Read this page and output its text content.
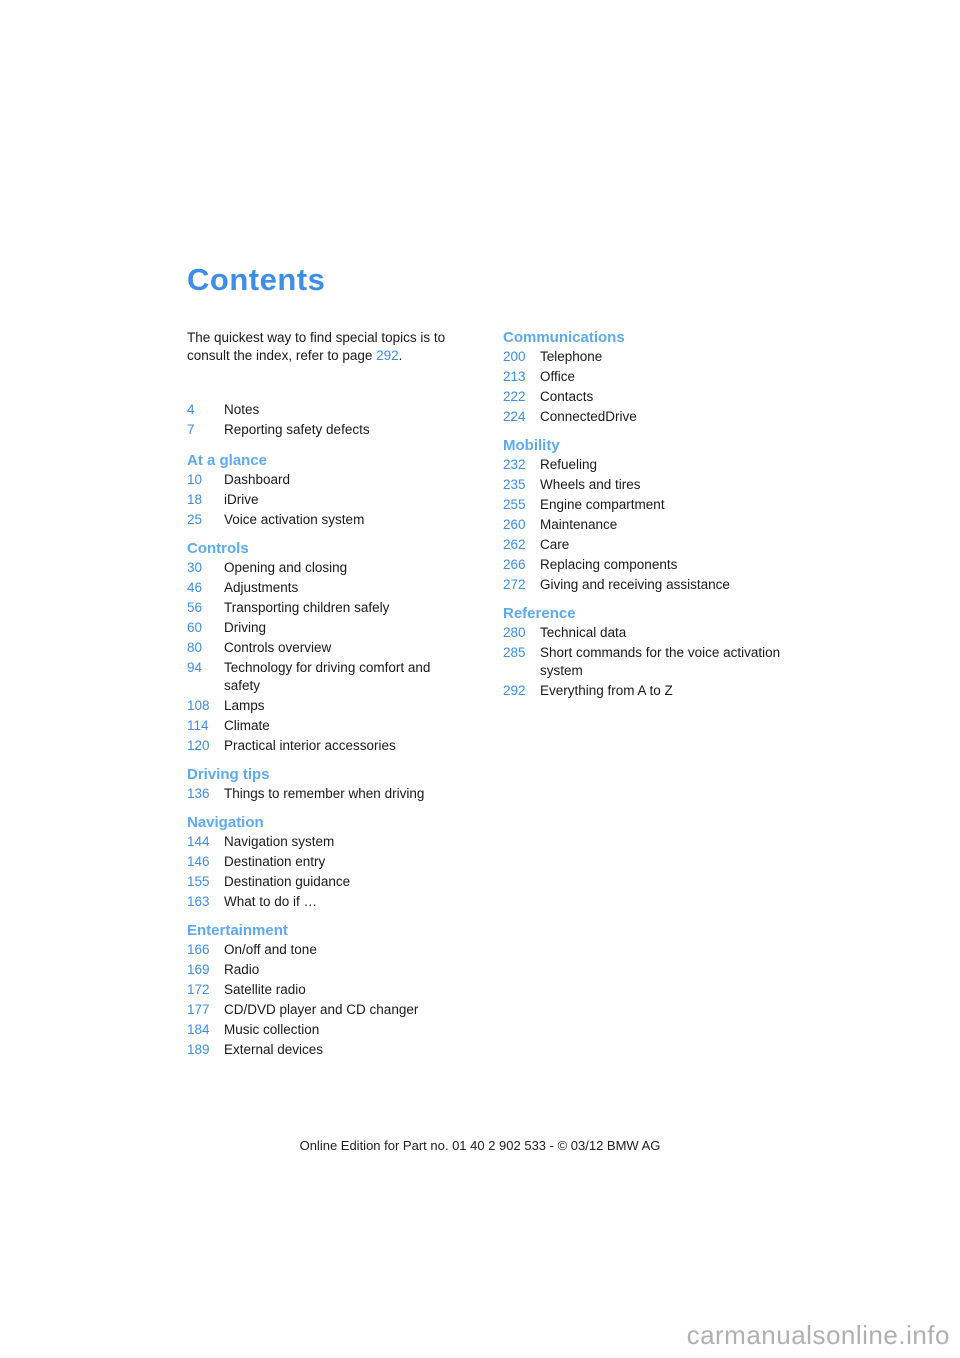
Contents
The quickest way to find special topics is to consult the index, refer to page 292.
4	Notes
7	Reporting safety defects
At a glance
10	Dashboard
18	iDrive
25	Voice activation system
Controls
30	Opening and closing
46	Adjustments
56	Transporting children safely
60	Driving
80	Controls overview
94	Technology for driving comfort and safety
108	Lamps
114	Climate
120	Practical interior accessories
Driving tips
136	Things to remember when driving
Navigation
144	Navigation system
146	Destination entry
155	Destination guidance
163	What to do if …
Entertainment
166	On/off and tone
169	Radio
172	Satellite radio
177	CD/DVD player and CD changer
184	Music collection
189	External devices
Communications
200	Telephone
213	Office
222	Contacts
224	ConnectedDrive
Mobility
232	Refueling
235	Wheels and tires
255	Engine compartment
260	Maintenance
262	Care
266	Replacing components
272	Giving and receiving assistance
Reference
280	Technical data
285	Short commands for the voice activation system
292	Everything from A to Z
Online Edition for Part no. 01 40 2 902 533 - © 03/12 BMW AG
carmanualsonline.info
